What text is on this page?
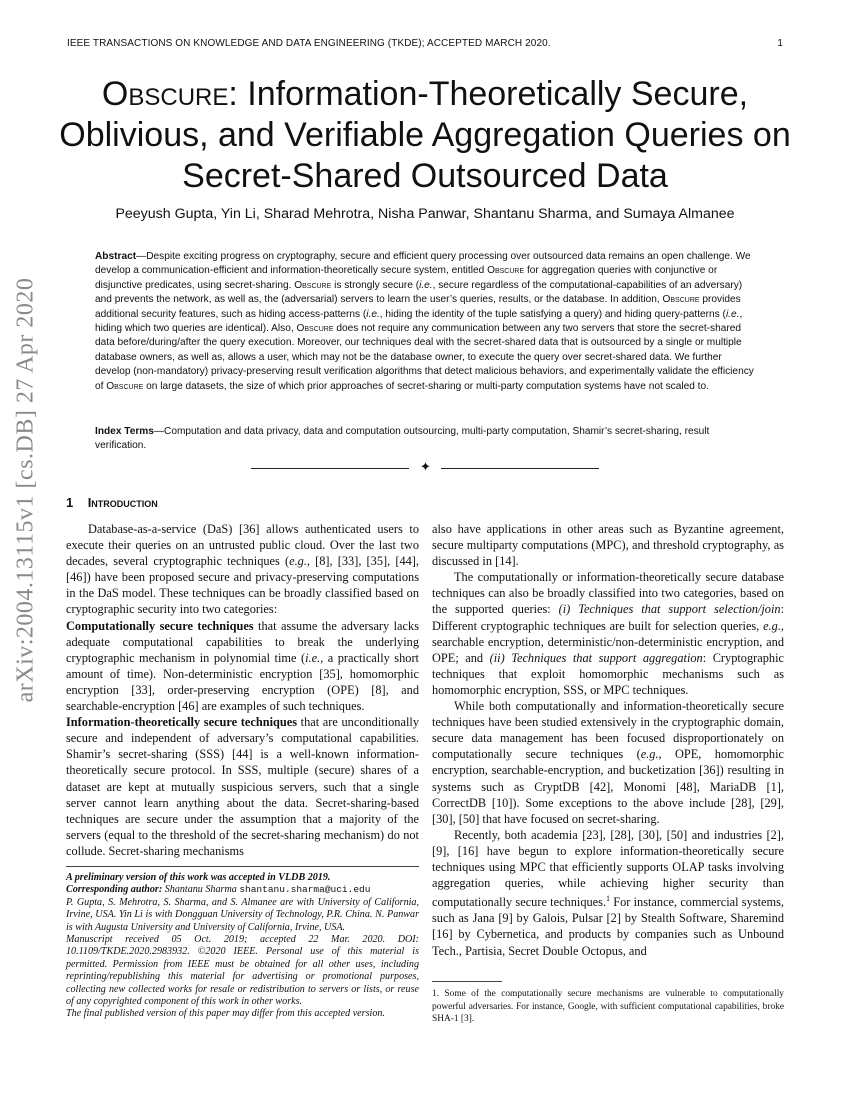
IEEE TRANSACTIONS ON KNOWLEDGE AND DATA ENGINEERING (TKDE); ACCEPTED MARCH 2020.	1
arXiv:2004.13115v1 [cs.DB] 27 Apr 2020
Obscure: Information-Theoretically Secure,
Oblivious, and Verifiable Aggregation Queries on
Secret-Shared Outsourced Data
Peeyush Gupta, Yin Li, Sharad Mehrotra, Nisha Panwar, Shantanu Sharma, and Sumaya Almanee
Abstract—Despite exciting progress on cryptography, secure and efficient query processing over outsourced data remains an open challenge. We develop a communication-efficient and information-theoretically secure system, entitled Obscure for aggregation queries with conjunctive or disjunctive predicates, using secret-sharing. Obscure is strongly secure (i.e., secure regardless of the computational-capabilities of an adversary) and prevents the network, as well as, the (adversarial) servers to learn the user’s queries, results, or the database. In addition, Obscure provides additional security features, such as hiding access-patterns (i.e., hiding the identity of the tuple satisfying a query) and hiding query-patterns (i.e., hiding which two queries are identical). Also, Obscure does not require any communication between any two servers that store the secret-shared data before/during/after the query execution. Moreover, our techniques deal with the secret-shared data that is outsourced by a single or multiple database owners, as well as, allows a user, which may not be the database owner, to execute the query over secret-shared data. We further develop (non-mandatory) privacy-preserving result verification algorithms that detect malicious behaviors, and experimentally validate the efficiency of Obscure on large datasets, the size of which prior approaches of secret-sharing or multi-party computation systems have not scaled to.
Index Terms—Computation and data privacy, data and computation outsourcing, multi-party computation, Shamir’s secret-sharing, result verification.
✦
1 Introduction

Database-as-a-service (DaS) [36] allows authenticated users to execute their queries on an untrusted public cloud. Over the last two decades, several cryptographic techniques (e.g., [8], [33], [35], [44], [46]) have been proposed secure and privacy-preserving computations in the DaS model. These techniques can be broadly classified based on cryptographic security into two categories:

Computationally secure techniques that assume the adversary lacks adequate computational capabilities to break the underlying cryptographic mechanism in polynomial time (i.e., a practically short amount of time). Non-deterministic encryption [35], homomorphic encryption [33], order-preserving encryption (OPE) [8], and searchable-encryption [46] are examples of such techniques.

Information-theoretically secure techniques that are unconditionally secure and independent of adversary’s computational capabilities. Shamir’s secret-sharing (SSS) [44] is a well-known information-theoretically secure protocol. In SSS, multiple (secure) shares of a dataset are kept at mutually suspicious servers, such that a single server cannot learn anything about the data. Secret-sharing-based techniques are secure under the assumption that a majority of the servers (equal to the threshold of the secret-sharing mechanism) do not collude. Secret-sharing mechanisms

A preliminary version of this work was accepted in VLDB 2019.

Corresponding author: Shantanu Sharma shantanu.sharma@uci.edu

P. Gupta, S. Mehrotra, S. Sharma, and S. Almanee are with University of California, Irvine, USA. Yin Li is with Dongguan University of Technology, P.R. China. N. Panwar is with Augusta University and University of California, Irvine, USA.

Manuscript received 05 Oct. 2019; accepted 22 Mar. 2020. DOI: 10.1109/TKDE.2020.2983932. ©2020 IEEE. Personal use of this material is permitted. Permission from IEEE must be obtained for all other uses, including reprinting/republishing this material for advertising or promotional purposes, collecting new collected works for resale or redistribution to servers or lists, or reuse of any copyrighted component of this work in other works.

The final published version of this paper may differ from this accepted version.

also have applications in other areas such as Byzantine agreement, secure multiparty computations (MPC), and threshold cryptography, as discussed in [14].

The computationally or information-theoretically secure database techniques can also be broadly classified into two categories, based on the supported queries: (i) Techniques that support selection/join: Different cryptographic techniques are built for selection queries, e.g., searchable encryption, deterministic/non-deterministic encryption, and OPE; and (ii) Techniques that support aggregation: Cryptographic techniques that exploit homomorphic mechanisms such as homomorphic encryption, SSS, or MPC techniques.

While both computationally and information-theoretically secure techniques have been studied extensively in the cryptographic domain, secure data management has been focused disproportionately on computationally secure techniques (e.g., OPE, homomorphic encryption, searchable-encryption, and bucketization [36]) resulting in systems such as CryptDB [42], Monomi [48], MariaDB [1], CorrectDB [10]). Some exceptions to the above include [28], [29], [30], [50] that have focused on secret-sharing.

Recently, both academia [23], [28], [30], [50] and industries [2], [9], [16] have begun to explore information-theoretically secure techniques using MPC that efficiently supports OLAP tasks involving aggregation queries, while achieving higher security than computationally secure techniques.$^1$ For instance, commercial systems, such as Jana [9] by Galois, Pulsar [2] by Stealth Software, Sharemind [16] by Cybernetica, and products by companies such as Unbound Tech., Partisia, Secret Double Octopus, and

1. Some of the computationally secure mechanisms are vulnerable to computationally powerful adversaries. For instance, Google, with sufficient computational capabilities, broke SHA-1 [3].
